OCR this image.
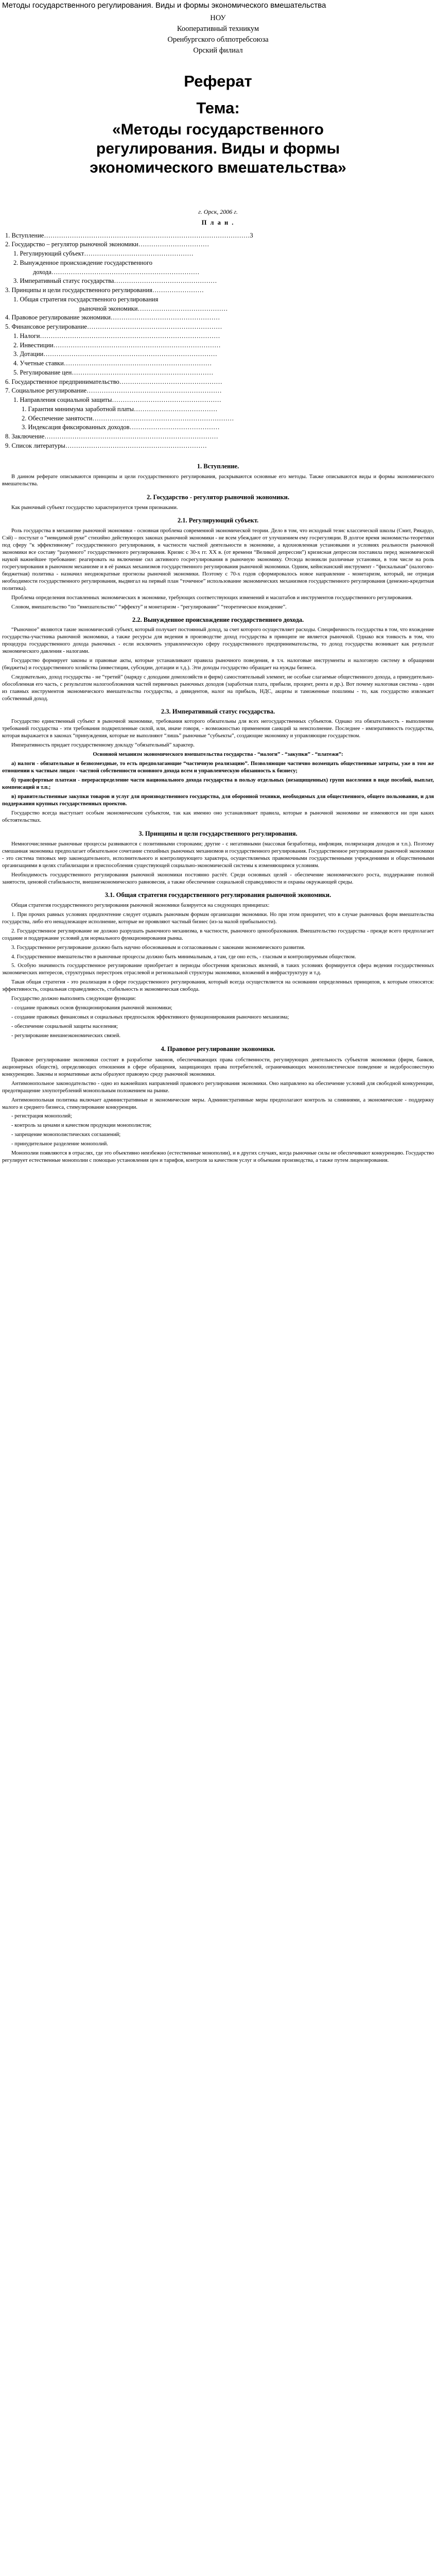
Методы государственного регулирования. Виды и формы экономического вмешательства
НОУ
Кооперативный техникум
Оренбургского облпотребсоюза
Орский филиал
Реферат
Тема:
«Методы государственного регулирования. Виды и формы экономического вмешательства»
г. Орск, 2006 г.
П л а н .
1. Вступление……………………………………………………………………………………3
2. Государство – регулятор рыночной экономики……………………………
1. Регулирующий субъект……………………………………………
2. Вынужденное происхождение государственного
дохода……………………………………………………………
3. Императивный статус государства…………………………………………
3. Принципы и цели государственного регулирования……………………
1. Общая стратегия государственного регулирования
рыночной экономики……………………………………
4. Правовое регулирование экономики……………………………………………
5. Финансовое регулирование………………………………………………………
1. Налоги…………………………………………………………………………
2. Инвестиции……………………………………………………………………
3. Дотации………………………………………………………………………
4. Учетные ставки……………………………………………………………
5. Регулирование цен…………………………………………………………
6. Государственное предпринимательство…………………………………………
7. Социальное регулирование………………………………………………………
1. Направления социальной защиты……………………………………………
1. Гарантия минимума заработной платы…………………………………
2. Обеспечение занятости…………………………………………………………
3. Индексация фиксированных доходов……………………………………
8. Заключение………………………………………………………………………
9. Список литературы…………………………………………………………
1. Вступление.

В данном реферате описываются принципы и цели государственного регулирования, раскрываются основные его методы. Также описываются виды и формы экономического вмешательства.

2. Государство - регулятор рыночной экономики.

Как рыночный субъект государство характеризуется тремя признаками.

2.1. Регулирующий субъект.

Роль государства в механизме рыночной экономики - основная проблема современной экономической теории. Дело в том, что исходный тезис классической школы (Смит, Рикардо, Сэй) – постулат о “невидимой руке” стихийно действующих законах рыночной экономики - не всем убеждают от улучшением ему госрегуляции. В долгое время экономисты-теоретики под сферу “к эффективному” государственного регулирования, в частности частной деятельности в экономике, а вдохновленная установками и условиях реальности рыночной экономики все составу “разумного” государственного регулирования. Кризис с 30-х гг. XX в. (от времени “Великой депрессии”) кризисная депрессия поставила перед экономической наукой важнейшее требование: реагировать на включение сил активного госрегулирования в рыночную экономику. Отсюда возникли различные установки, в том числе на роль госрегулирования в рыночном механизме и в её рамках механизмов государственного регулирования рыночной экономики. Одним, кейнсианский инструмент - “фискальная” (налогово-бюджетная) политика - назначил неоднократные прогнозы рыночной экономики. Поэтому с 70-х годов сформировалось новое направление - монетаризм, который, не отрицая необходимости государственного регулирования, выдвигал на первый план “точечное” использование экономических механизмов государственного регулирования (денежно-кредитная политика).

Проблема определения поставленных экономических в экономике, требующих соответствующих изменений и масштабов и инструментов государственного регулирования.

Словом, вмешательство “по “вмешательство” “эффекту” и монетаризм - “регулирование” “теоретическое вхождение”.

2.2. Вынужденное происхождение государственного дохода.

“Рыночное” являются такие экономический субъект, который получает постоянный доход, за счет которого осуществляет расходы. Специфичность государства в том, что вхождение государства-участника рыночной экономики, а также ресурсы для ведения в производстве доход государства в принципе не является рыночной. Однако вся тонкость в том, что процедура государственного дохода рыночных - если исключить управленческую сферу государственного предпринимательства, то доход государства возникает как результат экономического давления - налогами.

Государство формирует законы и правовые акты, которые устанавливают правила рыночного поведения, в т.ч. налоговые инструменты и налоговую систему в обращении (бюджеты) и государственного хозяйства (инвестиции, субсидии, дотации и т.д.). Эти доходы государство обращает на нужды бизнеса.

Следовательно, доход государства - не “третий” (наряду с доходами домохозяйств и фирм) самостоятельный элемент, не особые слагаемые общественного дохода, а принудительно-обособленная его часть, с результатом налогообложения частей первичных рыночных доходов (заработная плата, прибыли, процент, рента и др.). Вот почему налоговая система - один из главных инструментов экономического вмешательства государства, а дивидентов, налог на прибыль, НДС, акцизы и таможенные пошлины - то, как государство извлекает собственный доход.

2.3. Императивный статус государства.

Государство единственный субъект в рыночной экономике, требования которого обязательны для всех негосударственных субъектов. Однако эта обязательность - выполнение требований государства - эти требования подкрепленные силой, или, иначе говоря, - возможностью применения санкций за неисполнение. Последнее - императивность государства, которая выражается в законах “принуждения, которые не выполняют “лишь” рыночные “субъекты”, создающие экономику и управляющие государством.

Императивность придает государственному докладу “обязательный” характер.

Основной механизм экономического вмешательства государства - “налоги” - “закупки” - “платежи”:

а) налоги - обязательные и безвозмездные, то есть предполагающие “частичную реализацию”. Позволяющие частично возмещать общественные затраты, уже в том же отношении к частным лицам - частной собственности основного дохода всем и управленческую обязанность к бизнесу;

б) трансфертные платежи - перераспределение части национального дохода государства в пользу отдельных (незащищенных) групп населения в виде пособий, выплат, компенсаций и т.п.;

в) правительственные закупки товаров и услуг для производственного государства, для оборонной техники, необходимых для общественного, общего пользования, и для поддержания крупных государственных проектов.

Государство всегда выступает особым экономическим субъектом, так как именно оно устанавливает правила, которые в рыночной экономике не изменяются ни при каких обстоятельствах.

3. Принципы и цели государственного регулирования.

Немногочисленные рыночные процессы развиваются с позитивными сторонами; другие - с негативными (массовая безработица, инфляция, поляризация доходов и т.п.). Поэтому смешанная экономика предполагает обязательное сочетание стихийных рыночных механизмов и государственного регулирования. Государственное регулирование рыночной экономики - это система типовых мер законодательного, исполнительного и контролирующего характера, осуществляемых правомочными государственными учреждениями и общественными организациями в целях стабилизации и приспособления существующей социально-экономической системы к изменяющимся условиям.

Необходимость государственного регулирования рыночной экономики постоянно растёт. Среди основных целей - обеспечение экономического роста, поддержание полной занятости, ценовой стабильности, внешнеэкономического равновесия, а также обеспечение социальной справедливости и охраны окружающей среды.

3.1. Общая стратегия государственного регулирования рыночной экономики.

Общая стратегия государственного регулирования рыночной экономики базируется на следующих принципах:

1. При прочих равных условиях предпочтение следует отдавать рыночным формам организации экономики. Но при этом приоритет, что в случае рыночных форм вмешательства государства, либо его ненадлежащее исполнение, которые не проявляют частный бизнес (из-за малой прибыльности).

2. Государственное регулирование не должно разрушать рыночного механизма, в частности, рыночного ценообразования. Вмешательство государства - прежде всего предполагает создание и поддержание условий для нормального функционирования рынка.

3. Государственное регулирование должно быть научно обоснованным и согласованным с законами экономического развития.

4. Государственное вмешательство в рыночные процессы должно быть минимальным, а там, где оно есть, - гласным и контролируемым обществом.

5. Особую значимость государственное регулирование приобретает в периоды обострения кризисных явлений, в таких условиях формируется сфера ведения государственных экономических интересов, структурных перестроек отраслевой и региональной структуры экономики, вложений в инфраструктуру и т.д.

Такая общая стратегия - это реализация в сфере государственного регулирования, который всегда осуществляется на основании определенных принципов, к которым относятся: эффективность, социальная справедливость, стабильность и экономическая свобода.

Государство должно выполнять следующие функции:

- создание правовых основ функционирования рыночной экономики;

- создание правовых финансовых и социальных предпосылок эффективного функционирования рыночного механизма;

- обеспечение социальной защиты населения;

- регулирование внешнеэкономических связей.

4. Правовое регулирование экономики.

Правовое регулирование экономики состоит в разработке законов, обеспечивающих права собственности, регулирующих деятельность субъектов экономики (фирм, банков, акционерных обществ), определяющих отношения в сфере обращения, защищающих права потребителей, ограничивающих монополистическое поведение и недобросовестную конкуренцию. Законы и нормативные акты образуют правовую среду рыночной экономики.

Антимонопольное законодательство - одно из важнейших направлений правового регулирования экономики. Оно направлено на обеспечение условий для свободной конкуренции, предотвращение злоупотреблений монопольным положением на рынке.

Антимонопольная политика включает административные и экономические меры. Административные меры предполагают контроль за слияниями, а экономические - поддержку малого и среднего бизнеса, стимулирование конкуренции.

- регистрация монополий;

- контроль за ценами и качеством продукции монополистов;

- запрещение монополистических соглашений;

- принудительное разделение монополий.

Монополии появляются в отраслях, где это объективно неизбежно (естественные монополии), и в других случаях, когда рыночные силы не обеспечивают конкуренцию. Государство регулирует естественные монополии с помощью установления цен и тарифов, контроля за качеством услуг и объемами производства, а также путем лицензирования.
